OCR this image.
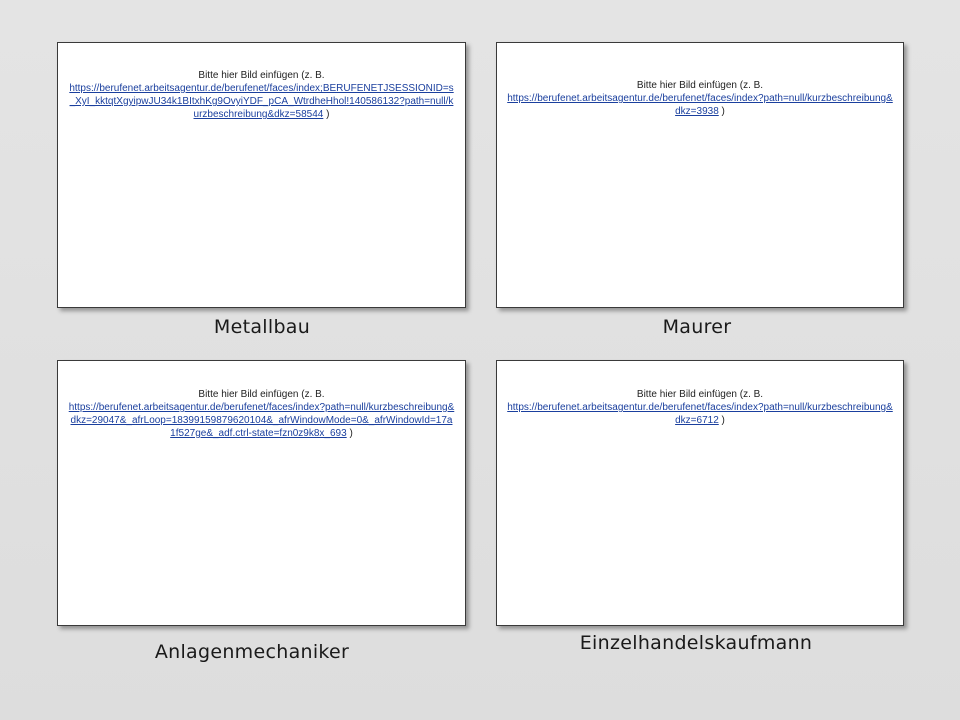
Bitte hier Bild einfügen (z. B.
https://berufenet.arbeitsagentur.de/berufenet/faces/index;BERUFENETJSESSIONID=s_XyI_kktqtXgyipwJU34k1BItxhKg9OvyiYDF_pCA_WtrdheHhol!140586132?path=null/kurzbeschreibung&dkz=58544 )
Metallbau
Bitte hier Bild einfügen (z. B.
https://berufenet.arbeitsagentur.de/berufenet/faces/index?path=null/kurzbeschreibung&dkz=3938 )
Maurer
Bitte hier Bild einfügen (z. B.
https://berufenet.arbeitsagentur.de/berufenet/faces/index?path=null/kurzbeschreibung&dkz=29047&_afrLoop=18399159879620104&_afrWindowMode=0&_afrWindowId=17a1f527ge&_adf.ctrl-state=fzn0z9k8x_693 )
Anlagenmechaniker
Bitte hier Bild einfügen (z. B.
https://berufenet.arbeitsagentur.de/berufenet/faces/index?path=null/kurzbeschreibung&dkz=6712 )
Einzelhandelskaufmann
